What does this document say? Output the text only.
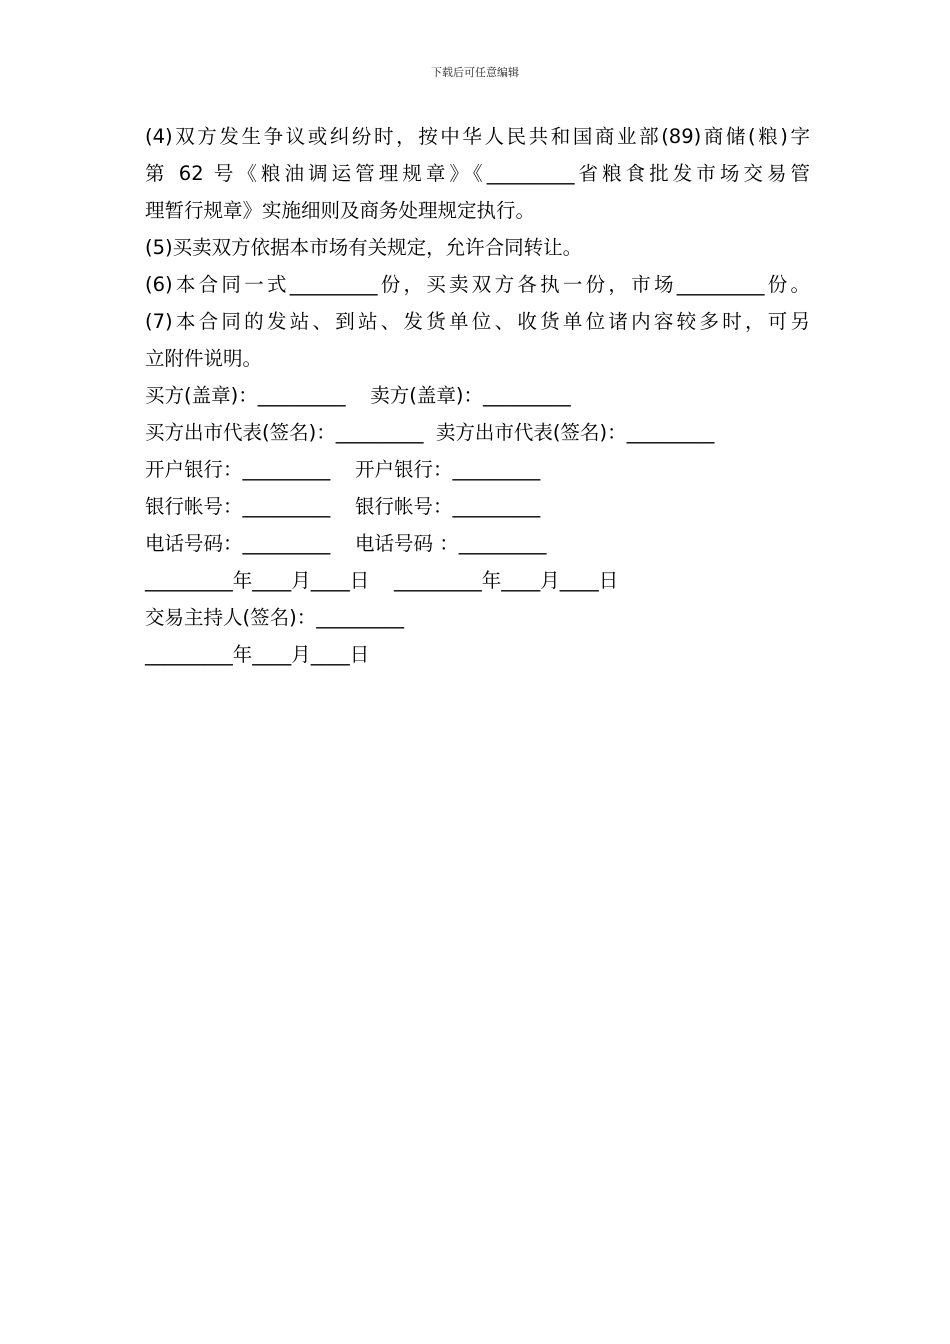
下载后可任意编辑
(4)双方发生争议或纠纷时，按中华人民共和国商业部(89)商储(粮)字
第 62 号《粮油调运管理规章》《_________省粮食批发市场交易管
理暂行规章》实施细则及商务处理规定执行。
(5)买卖双方依据本市场有关规定，允许合同转让。
(6)本合同一式_________份，买卖双方各执一份，市场_________份。
(7)本合同的发站、到站、发货单位、收货单位诸内容较多时，可另
立附件说明。
买方(盖章)：_________    卖方(盖章)：_________
买方出市代表(签名)：_________  卖方出市代表(签名)：_________
开户银行：_________    开户银行：_________
银行帐号：_________    银行帐号：_________
电话号码：_________    电话号码 ：_________
_________年____月____日    _________年____月____日
交易主持人(签名)：_________
_________年____月____日
